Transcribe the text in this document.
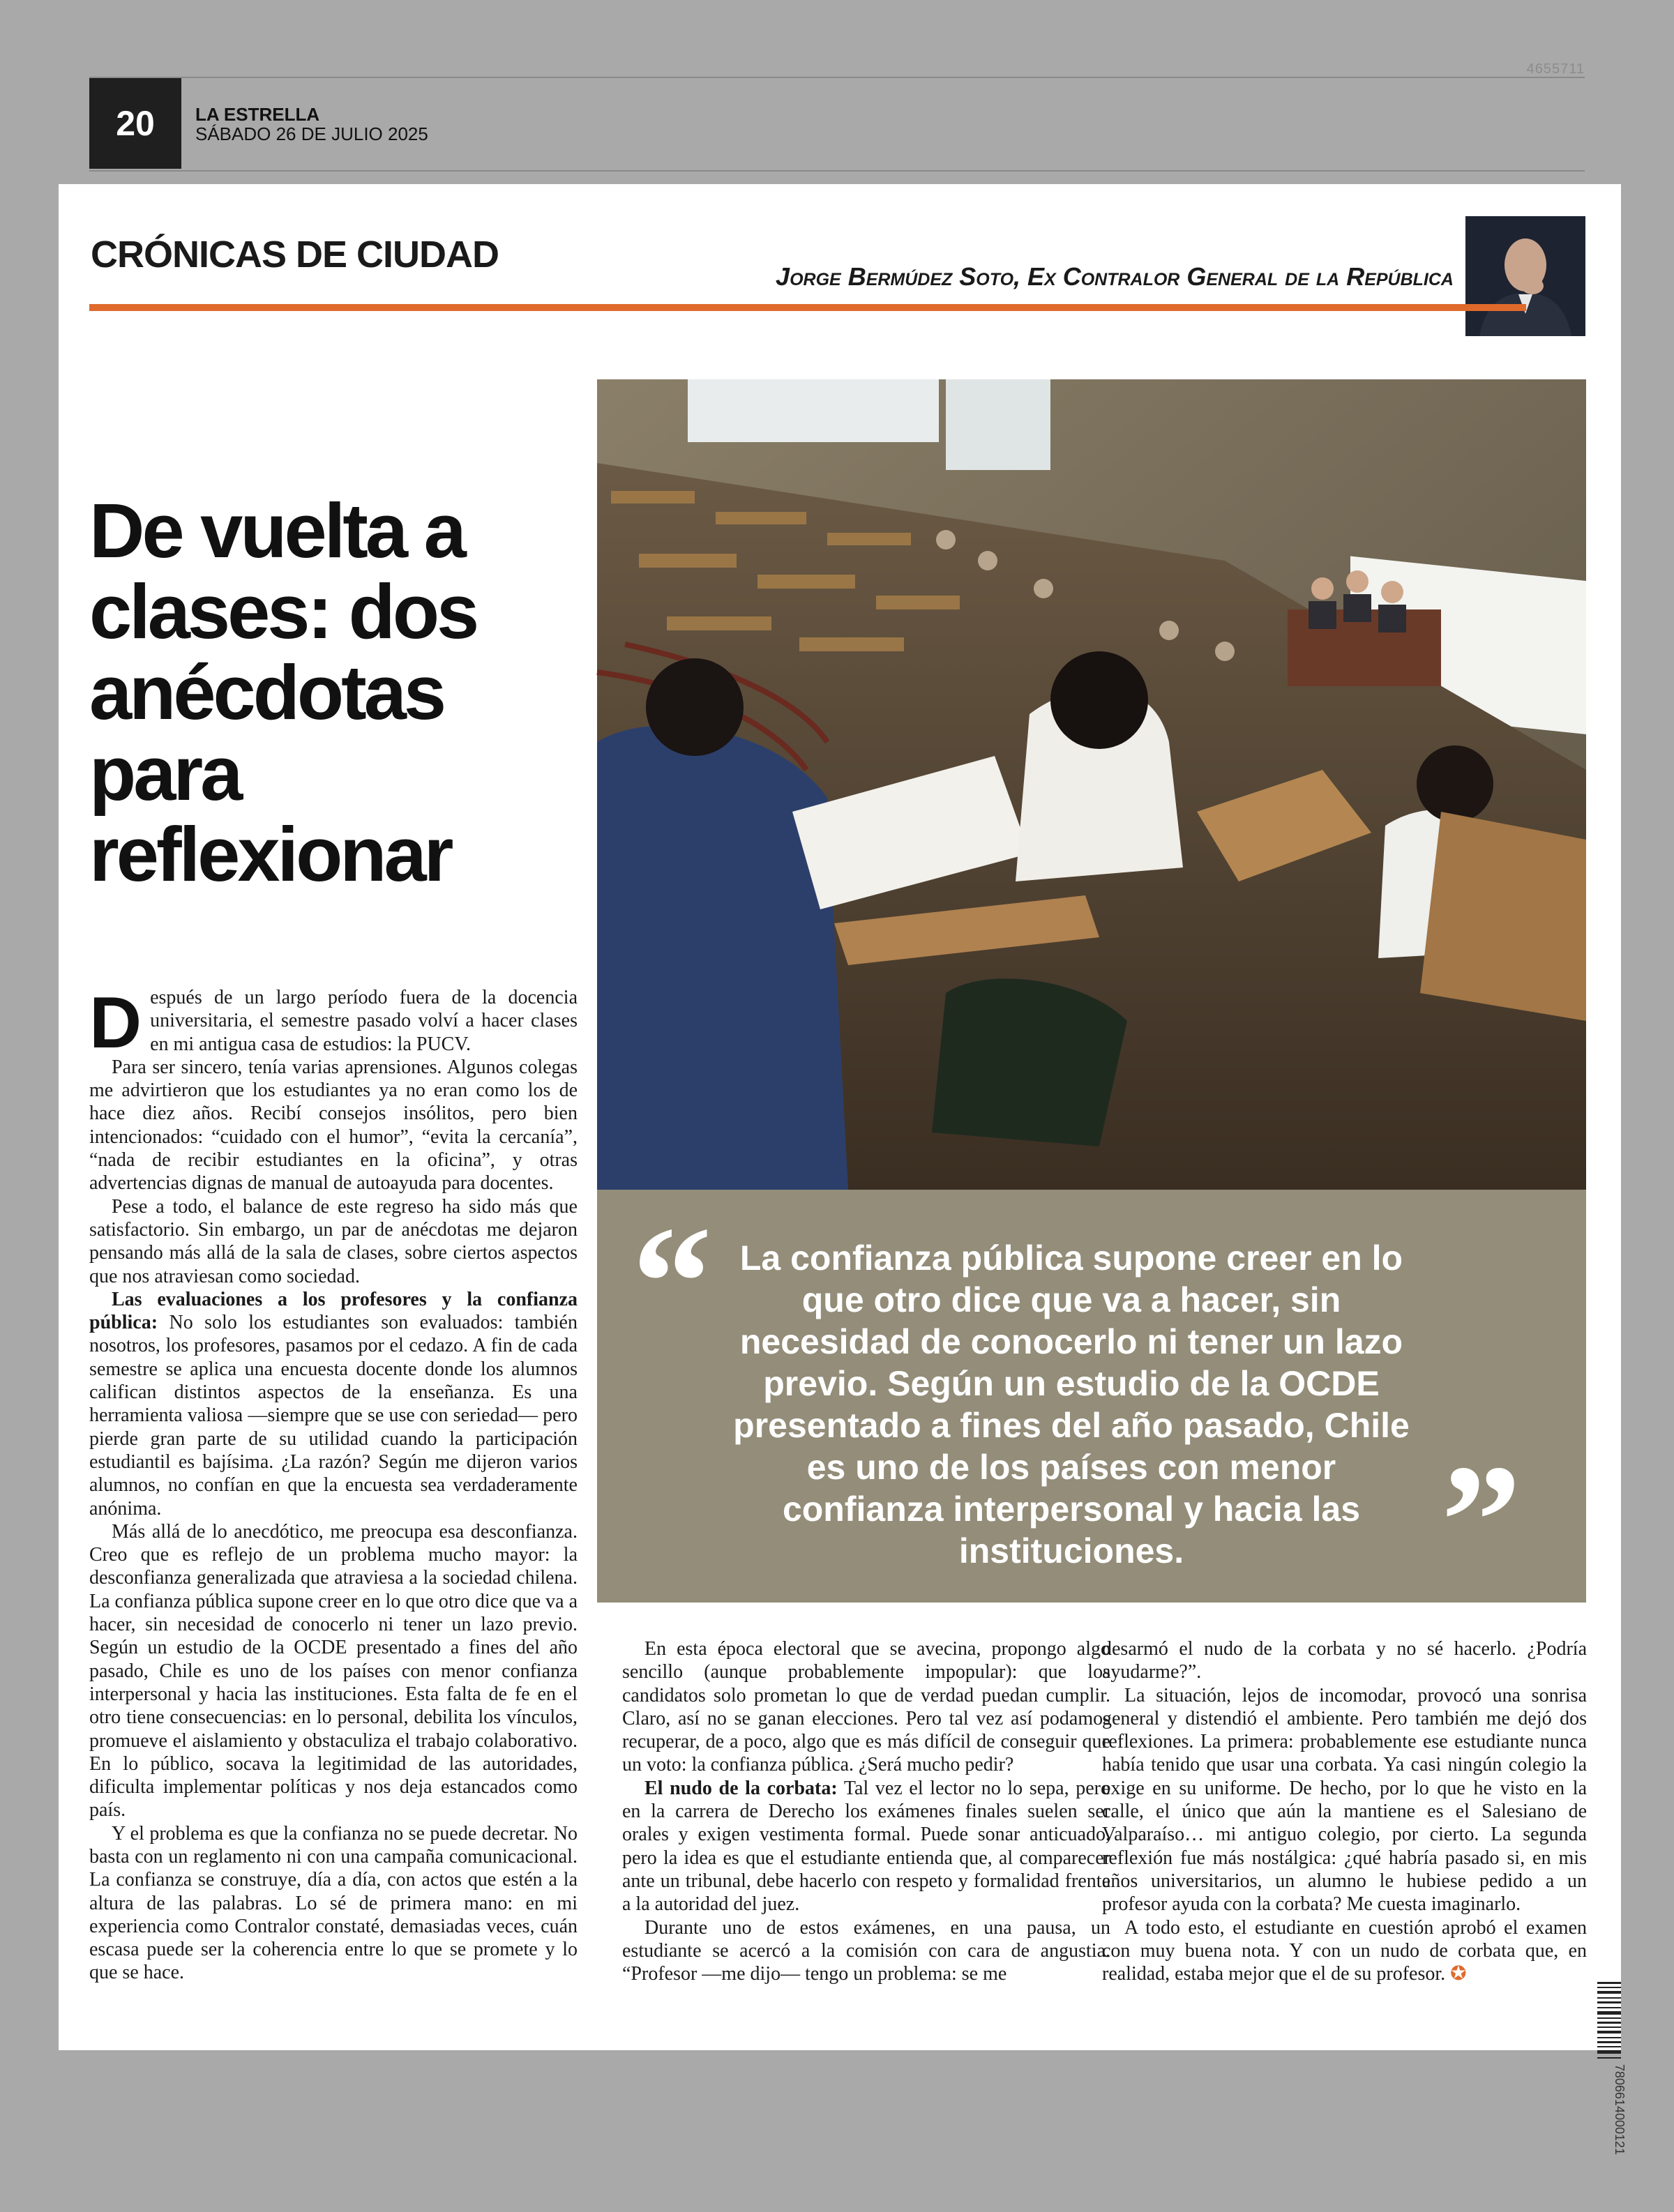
4655711
20	LA ESTRELLA
SÁBADO 26 DE JULIO 2025
CRÓNICAS DE CIUDAD
Jorge Bermúdez Soto, Ex Contralor General de la República
De vuelta a clases: dos anécdotas para reflexionar

Después de un largo período fuera de la docencia universitaria, el semestre pasado volví a hacer clases en mi antigua casa de estudios: la PUCV.

Para ser sincero, tenía varias aprensiones. Algunos colegas me advirtieron que los estudiantes ya no eran como los de hace diez años. Recibí consejos insólitos, pero bien intencionados: “cuidado con el humor”, “evita la cercanía”, “nada de recibir estudiantes en la oficina”, y otras advertencias dignas de manual de autoayuda para docentes.

Pese a todo, el balance de este regreso ha sido más que satisfactorio. Sin embargo, un par de anécdotas me dejaron pensando más allá de la sala de clases, sobre ciertos aspectos que nos atraviesan como sociedad.

Las evaluaciones a los profesores y la confianza pública: No solo los estudiantes son evaluados: también nosotros, los profesores, pasamos por el cedazo. A fin de cada semestre se aplica una encuesta docente donde los alumnos califican distintos aspectos de la enseñanza. Es una herramienta valiosa —siempre que se use con seriedad— pero pierde gran parte de su utilidad cuando la participación estudiantil es bajísima. ¿La razón? Según me dijeron varios alumnos, no confían en que la encuesta sea verdaderamente anónima.

Más allá de lo anecdótico, me preocupa esa desconfianza. Creo que es reflejo de un problema mucho mayor: la desconfianza generalizada que atraviesa a la sociedad chilena. La confianza pública supone creer en lo que otro dice que va a hacer, sin necesidad de conocerlo ni tener un lazo previo. Según un estudio de la OCDE presentado a fines del año pasado, Chile es uno de los países con menor confianza interpersonal y hacia las instituciones. Esta falta de fe en el otro tiene consecuencias: en lo personal, debilita los vínculos, promueve el aislamiento y obstaculiza el trabajo colaborativo. En lo público, socava la legitimidad de las autoridades, dificulta implementar políticas y nos deja estancados como país.

Y el problema es que la confianza no se puede decretar. No basta con un reglamento ni con una campaña comunicacional. La confianza se construye, día a día, con actos que estén a la altura de las palabras. Lo sé de primera mano: en mi experiencia como Contralor constaté, demasiadas veces, cuán escasa puede ser la coherencia entre lo que se promete y lo que se hace.

“ La confianza pública supone creer en lo que otro dice que va a hacer, sin necesidad de conocerlo ni tener un lazo previo. Según un estudio de la OCDE presentado a fines del año pasado, Chile es uno de los países con menor confianza interpersonal y hacia las instituciones.	”

En esta época electoral que se avecina, propongo algo sencillo (aunque probablemente impopular): que los candidatos solo prometan lo que de verdad puedan cumplir. Claro, así no se ganan elecciones. Pero tal vez así podamos recuperar, de a poco, algo que es más difícil de conseguir que un voto: la confianza pública. ¿Será mucho pedir?

El nudo de la corbata: Tal vez el lector no lo sepa, pero en la carrera de Derecho los exámenes finales suelen ser orales y exigen vestimenta formal. Puede sonar anticuado, pero la idea es que el estudiante entienda que, al comparecer ante un tribunal, debe hacerlo con respeto y formalidad frente a la autoridad del juez.

Durante uno de estos exámenes, en una pausa, un estudiante se acercó a la comisión con cara de angustia. “Profesor —me dijo— tengo un problema: se me

desarmó el nudo de la corbata y no sé hacerlo. ¿Podría ayudarme?”.

La situación, lejos de incomodar, provocó una sonrisa general y distendió el ambiente. Pero también me dejó dos reflexiones. La primera: probablemente ese estudiante nunca había tenido que usar una corbata. Ya casi ningún colegio la exige en su uniforme. De hecho, por lo que he visto en la calle, el único que aún la mantiene es el Salesiano de Valparaíso… mi antiguo colegio, por cierto. La segunda reflexión fue más nostálgica: ¿qué habría pasado si, en mis años universitarios, un alumno le hubiese pedido a un profesor ayuda con la corbata? Me cuesta imaginarlo.

A todo esto, el estudiante en cuestión aprobó el examen con muy buena nota. Y con un nudo de corbata que, en realidad, estaba mejor que el de su profesor. ✪

7806614000121
